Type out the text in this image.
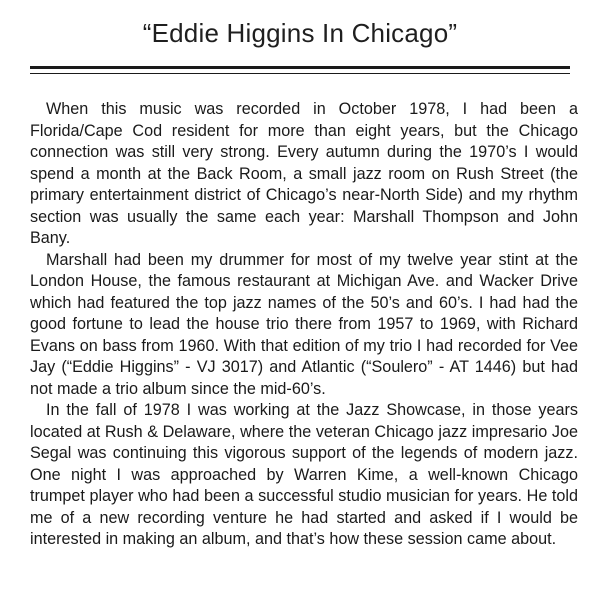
“Eddie Higgins In Chicago”

When this music was recorded in October 1978, I had been a Florida/Cape Cod resident for more than eight years, but the Chicago connection was still very strong. Every autumn during the 1970’s I would spend a month at the Back Room, a small jazz room on Rush Street (the primary entertainment district of Chicago’s near-North Side) and my rhythm section was usually the same each year: Marshall Thompson and John Bany.

Marshall had been my drummer for most of my twelve year stint at the London House, the famous restaurant at Michigan Ave. and Wacker Drive which had featured the top jazz names of the 50’s and 60’s. I had had the good fortune to lead the house trio there from 1957 to 1969, with Richard Evans on bass from 1960. With that edition of my trio I had recorded for Vee Jay (“Eddie Higgins” - VJ 3017) and Atlantic (“Soulero” - AT 1446) but had not made a trio album since the mid-60’s.

In the fall of 1978 I was working at the Jazz Showcase, in those years located at Rush & Delaware, where the veteran Chicago jazz impresario Joe Segal was continuing this vigorous support of the legends of modern jazz. One night I was approached by Warren Kime, a well-known Chicago trumpet player who had been a successful studio musician for years. He told me of a new recording venture he had started and asked if I would be interested in making an album, and that’s how these session came about.
